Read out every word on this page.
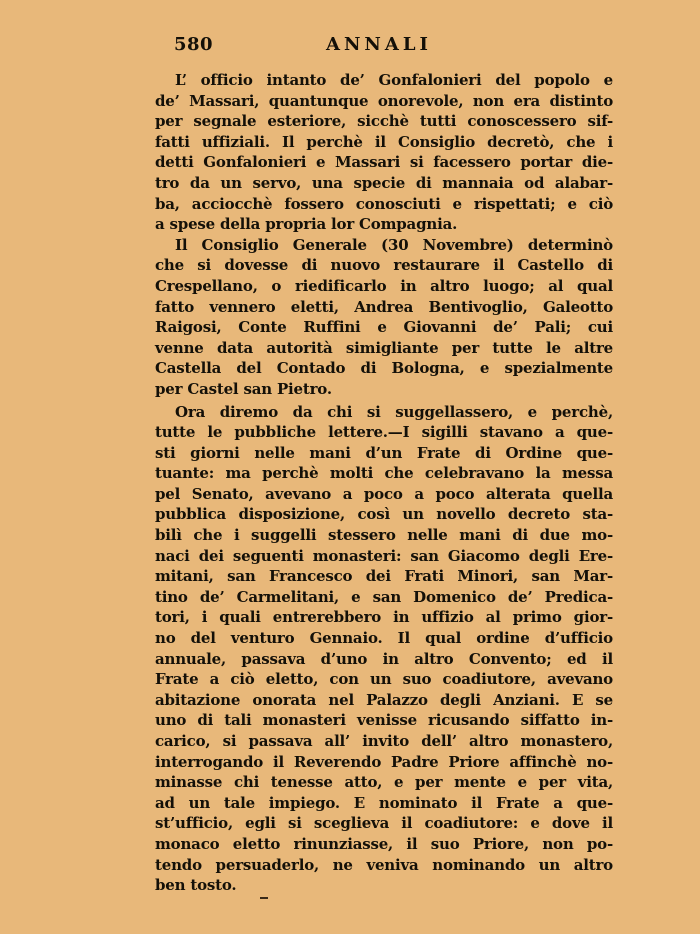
580	ANNALI
L’ officio intanto de’ Gonfalonieri del popolo e
de’ Massari, quantunque onorevole, non era distinto
per segnale esteriore, sicchè tutti conoscessero sif-
fatti uffiziali. Il perchè il Consiglio decretò, che i
detti Gonfalonieri e Massari si facessero portar die-
tro da un servo, una specie di mannaia od alabar-
ba, acciocchè fossero conosciuti e rispettati; e ciò
a spese della propria lor Compagnia.
Il Consiglio Generale (30 Novembre) determinò
che si dovesse di nuovo restaurare il Castello di
Crespellano, o riedificarlo in altro luogo; al qual
fatto vennero eletti, Andrea Bentivoglio, Galeotto
Raigosi, Conte Ruffini e Giovanni de’ Pali; cui
venne data autorità simigliante per tutte le altre
Castella del Contado di Bologna, e spezialmente
per Castel san Pietro.
Ora diremo da chi si suggellassero, e perchè,
tutte le pubbliche lettere.—I sigilli stavano a que-
sti giorni nelle mani d’un Frate di Ordine que-
tuante: ma perchè molti che celebravano la messa
pel Senato, avevano a poco a poco alterata quella
pubblica disposizione, così un novello decreto sta-
bilì che i suggelli stessero nelle mani di due mo-
naci dei seguenti monasteri: san Giacomo degli Ere-
mitani, san Francesco dei Frati Minori, san Mar-
tino de’ Carmelitani, e san Domenico de’ Predica-
tori, i quali entrerebbero in uffizio al primo gior-
no del venturo Gennaio. Il qual ordine d’ufficio
annuale, passava d’uno in altro Convento; ed il
Frate a ciò eletto, con un suo coadiutore, avevano
abitazione onorata nel Palazzo degli Anziani. E se
uno di tali monasteri venisse ricusando siffatto in-
carico, si passava all’ invito dell’ altro monastero,
interrogando il Reverendo Padre Priore affinchè no-
minasse chi tenesse atto, e per mente e per vita,
ad un tale impiego. E nominato il Frate a que-
st’ufficio, egli si sceglieva il coadiutore: e dove il
monaco eletto rinunziasse, il suo Priore, non po-
tendo persuaderlo, ne veniva nominando un altro
ben tosto.
